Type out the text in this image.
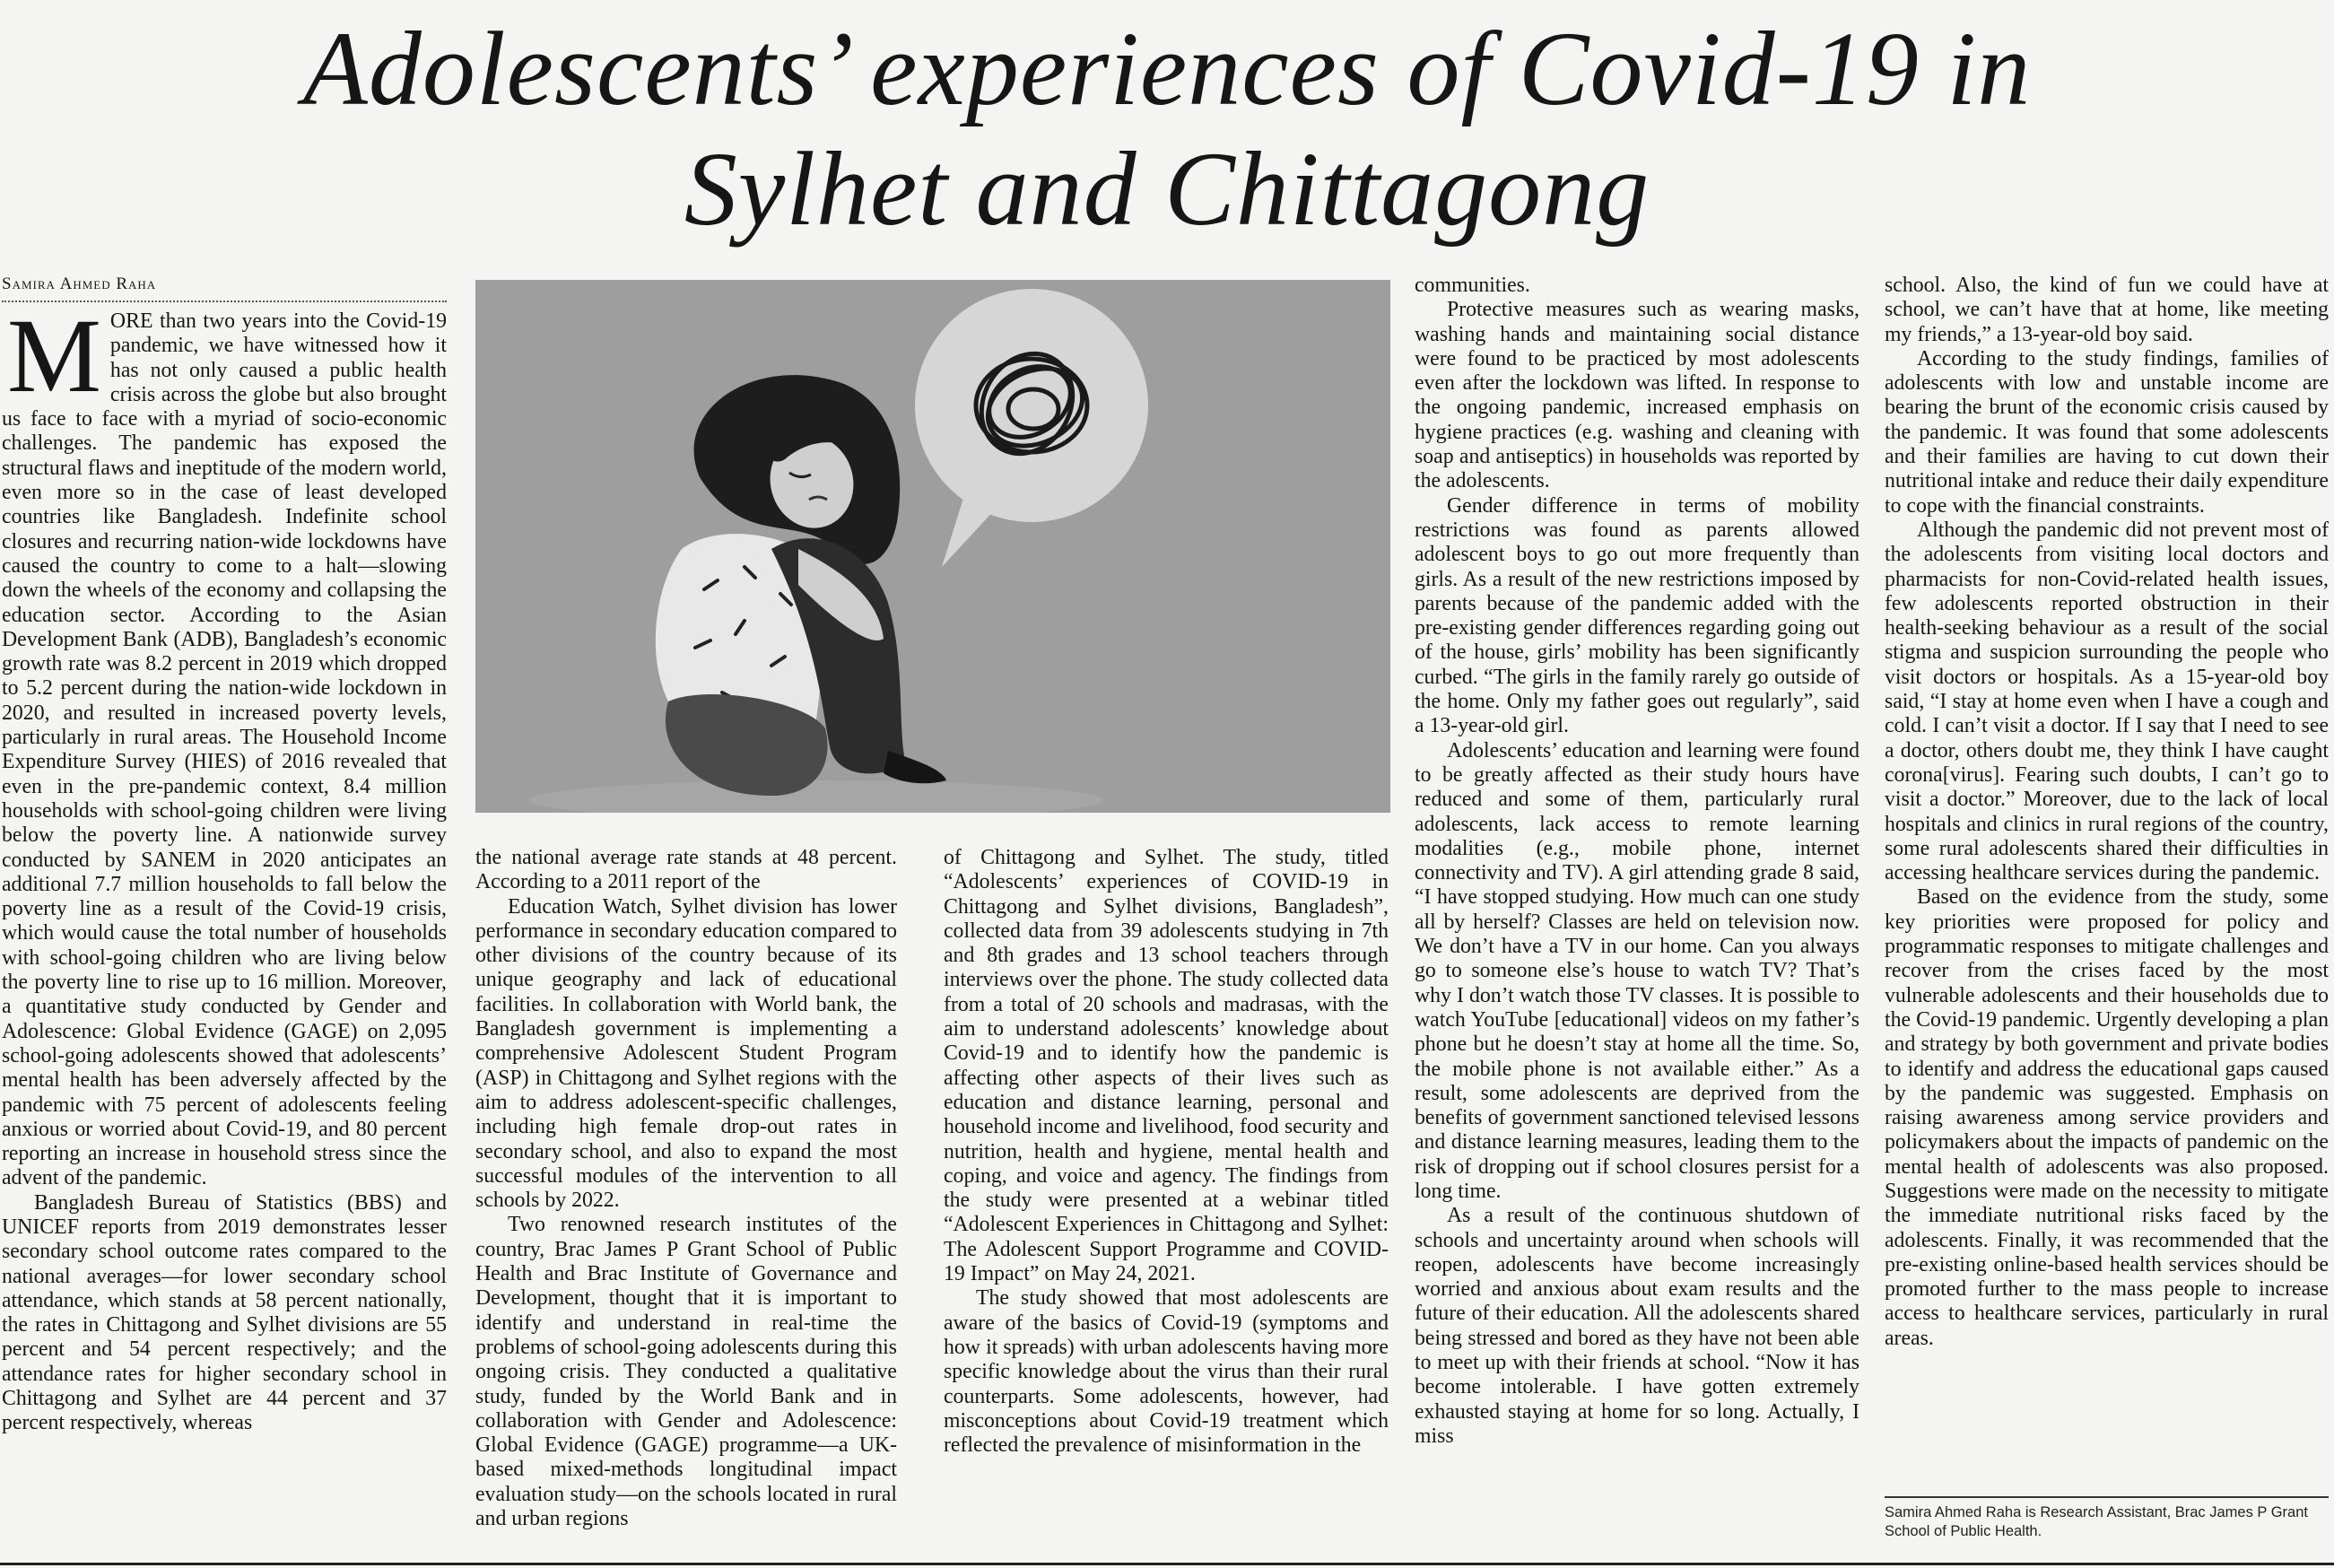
Adolescents’ experiences of Covid-19 in
Sylhet and Chittagong
Samira Ahmed Raha

MORE than two years into the Covid-19 pandemic, we have witnessed how it has not only caused a public health crisis across the globe but also brought us face to face with a myriad of socio-economic challenges. The pandemic has exposed the structural flaws and ineptitude of the modern world, even more so in the case of least developed countries like Bangladesh. Indefinite school closures and recurring nation-wide lockdowns have caused the country to come to a halt—slowing down the wheels of the economy and collapsing the education sector. According to the Asian Development Bank (ADB), Bangladesh’s economic growth rate was 8.2 percent in 2019 which dropped to 5.2 percent during the nation-wide lockdown in 2020, and resulted in increased poverty levels, particularly in rural areas. The Household Income Expenditure Survey (HIES) of 2016 revealed that even in the pre-pandemic context, 8.4 million households with school-going children were living below the poverty line. A nationwide survey conducted by SANEM in 2020 anticipates an additional 7.7 million households to fall below the poverty line as a result of the Covid-19 crisis, which would cause the total number of households with school-going children who are living below the poverty line to rise up to 16 million. Moreover, a quantitative study conducted by Gender and Adolescence: Global Evidence (GAGE) on 2,095 school-going adolescents showed that adolescents’ mental health has been adversely affected by the pandemic with 75 percent of adolescents feeling anxious or worried about Covid-19, and 80 percent reporting an increase in household stress since the advent of the pandemic.

Bangladesh Bureau of Statistics (BBS) and UNICEF reports from 2019 demonstrates lesser secondary school outcome rates compared to the national averages—for lower secondary school attendance, which stands at 58 percent nationally, the rates in Chittagong and Sylhet divisions are 55 percent and 54 percent respectively; and the attendance rates for higher secondary school in Chittagong and Sylhet are 44 percent and 37 percent respectively, whereas

the national average rate stands at 48 percent. According to a 2011 report of the

Education Watch, Sylhet division has lower performance in secondary education compared to other divisions of the country because of its unique geography and lack of educational facilities. In collaboration with World bank, the Bangladesh government is implementing a comprehensive Adolescent Student Program (ASP) in Chittagong and Sylhet regions with the aim to address adolescent-specific challenges, including high female drop-out rates in secondary school, and also to expand the most successful modules of the intervention to all schools by 2022.

Two renowned research institutes of the country, Brac James P Grant School of Public Health and Brac Institute of Governance and Development, thought that it is important to identify and understand in real-time the problems of school-going adolescents during this ongoing crisis. They conducted a qualitative study, funded by the World Bank and in collaboration with Gender and Adolescence: Global Evidence (GAGE) programme—a UK-based mixed-methods longitudinal impact evaluation study—on the schools located in rural and urban regions

of Chittagong and Sylhet. The study, titled “Adolescents’ experiences of COVID-19 in Chittagong and Sylhet divisions, Bangladesh”, collected data from 39 adolescents studying in 7th and 8th grades and 13 school teachers through interviews over the phone. The study collected data from a total of 20 schools and madrasas, with the aim to understand adolescents’ knowledge about Covid-19 and to identify how the pandemic is affecting other aspects of their lives such as education and distance learning, personal and household income and livelihood, food security and nutrition, health and hygiene, mental health and coping, and voice and agency. The findings from the study were presented at a webinar titled “Adolescent Experiences in Chittagong and Sylhet: The Adolescent Support Programme and COVID-19 Impact” on May 24, 2021.

The study showed that most adolescents are aware of the basics of Covid-19 (symptoms and how it spreads) with urban adolescents having more specific knowledge about the virus than their rural counterparts. Some adolescents, however, had misconceptions about Covid-19 treatment which reflected the prevalence of misinformation in the

communities.

Protective measures such as wearing masks, washing hands and maintaining social distance were found to be practiced by most adolescents even after the lockdown was lifted. In response to the ongoing pandemic, increased emphasis on hygiene practices (e.g. washing and cleaning with soap and antiseptics) in households was reported by the adolescents.

Gender difference in terms of mobility restrictions was found as parents allowed adolescent boys to go out more frequently than girls. As a result of the new restrictions imposed by parents because of the pandemic added with the pre-existing gender differences regarding going out of the house, girls’ mobility has been significantly curbed. “The girls in the family rarely go outside of the home. Only my father goes out regularly”, said a 13-year-old girl.

Adolescents’ education and learning were found to be greatly affected as their study hours have reduced and some of them, particularly rural adolescents, lack access to remote learning modalities (e.g., mobile phone, internet connectivity and TV). A girl attending grade 8 said, “I have stopped studying. How much can one study all by herself? Classes are held on television now. We don’t have a TV in our home. Can you always go to someone else’s house to watch TV? That’s why I don’t watch those TV classes. It is possible to watch YouTube [educational] videos on my father’s phone but he doesn’t stay at home all the time. So, the mobile phone is not available either.” As a result, some adolescents are deprived from the benefits of government sanctioned televised lessons and distance learning measures, leading them to the risk of dropping out if school closures persist for a long time.

As a result of the continuous shutdown of schools and uncertainty around when schools will reopen, adolescents have become increasingly worried and anxious about exam results and the future of their education. All the adolescents shared being stressed and bored as they have not been able to meet up with their friends at school. “Now it has become intolerable. I have gotten extremely exhausted staying at home for so long. Actually, I miss

school. Also, the kind of fun we could have at school, we can’t have that at home, like meeting my friends,” a 13-year-old boy said.

According to the study findings, families of adolescents with low and unstable income are bearing the brunt of the economic crisis caused by the pandemic. It was found that some adolescents and their families are having to cut down their nutritional intake and reduce their daily expenditure to cope with the financial constraints.

Although the pandemic did not prevent most of the adolescents from visiting local doctors and pharmacists for non-Covid-related health issues, few adolescents reported obstruction in their health-seeking behaviour as a result of the social stigma and suspicion surrounding the people who visit doctors or hospitals. As a 15-year-old boy said, “I stay at home even when I have a cough and cold. I can’t visit a doctor. If I say that I need to see a doctor, others doubt me, they think I have caught corona[virus]. Fearing such doubts, I can’t go to visit a doctor.” Moreover, due to the lack of local hospitals and clinics in rural regions of the country, some rural adolescents shared their difficulties in accessing healthcare services during the pandemic.

Based on the evidence from the study, some key priorities were proposed for policy and programmatic responses to mitigate challenges and recover from the crises faced by the most vulnerable adolescents and their households due to the Covid-19 pandemic. Urgently developing a plan and strategy by both government and private bodies to identify and address the educational gaps caused by the pandemic was suggested. Emphasis on raising awareness among service providers and policymakers about the impacts of pandemic on the mental health of adolescents was also proposed. Suggestions were made on the necessity to mitigate the immediate nutritional risks faced by the adolescents. Finally, it was recommended that the pre-existing online-based health services should be promoted further to the mass people to increase access to healthcare services, particularly in rural areas.

Samira Ahmed Raha is Research Assistant, Brac James P Grant School of Public Health.
